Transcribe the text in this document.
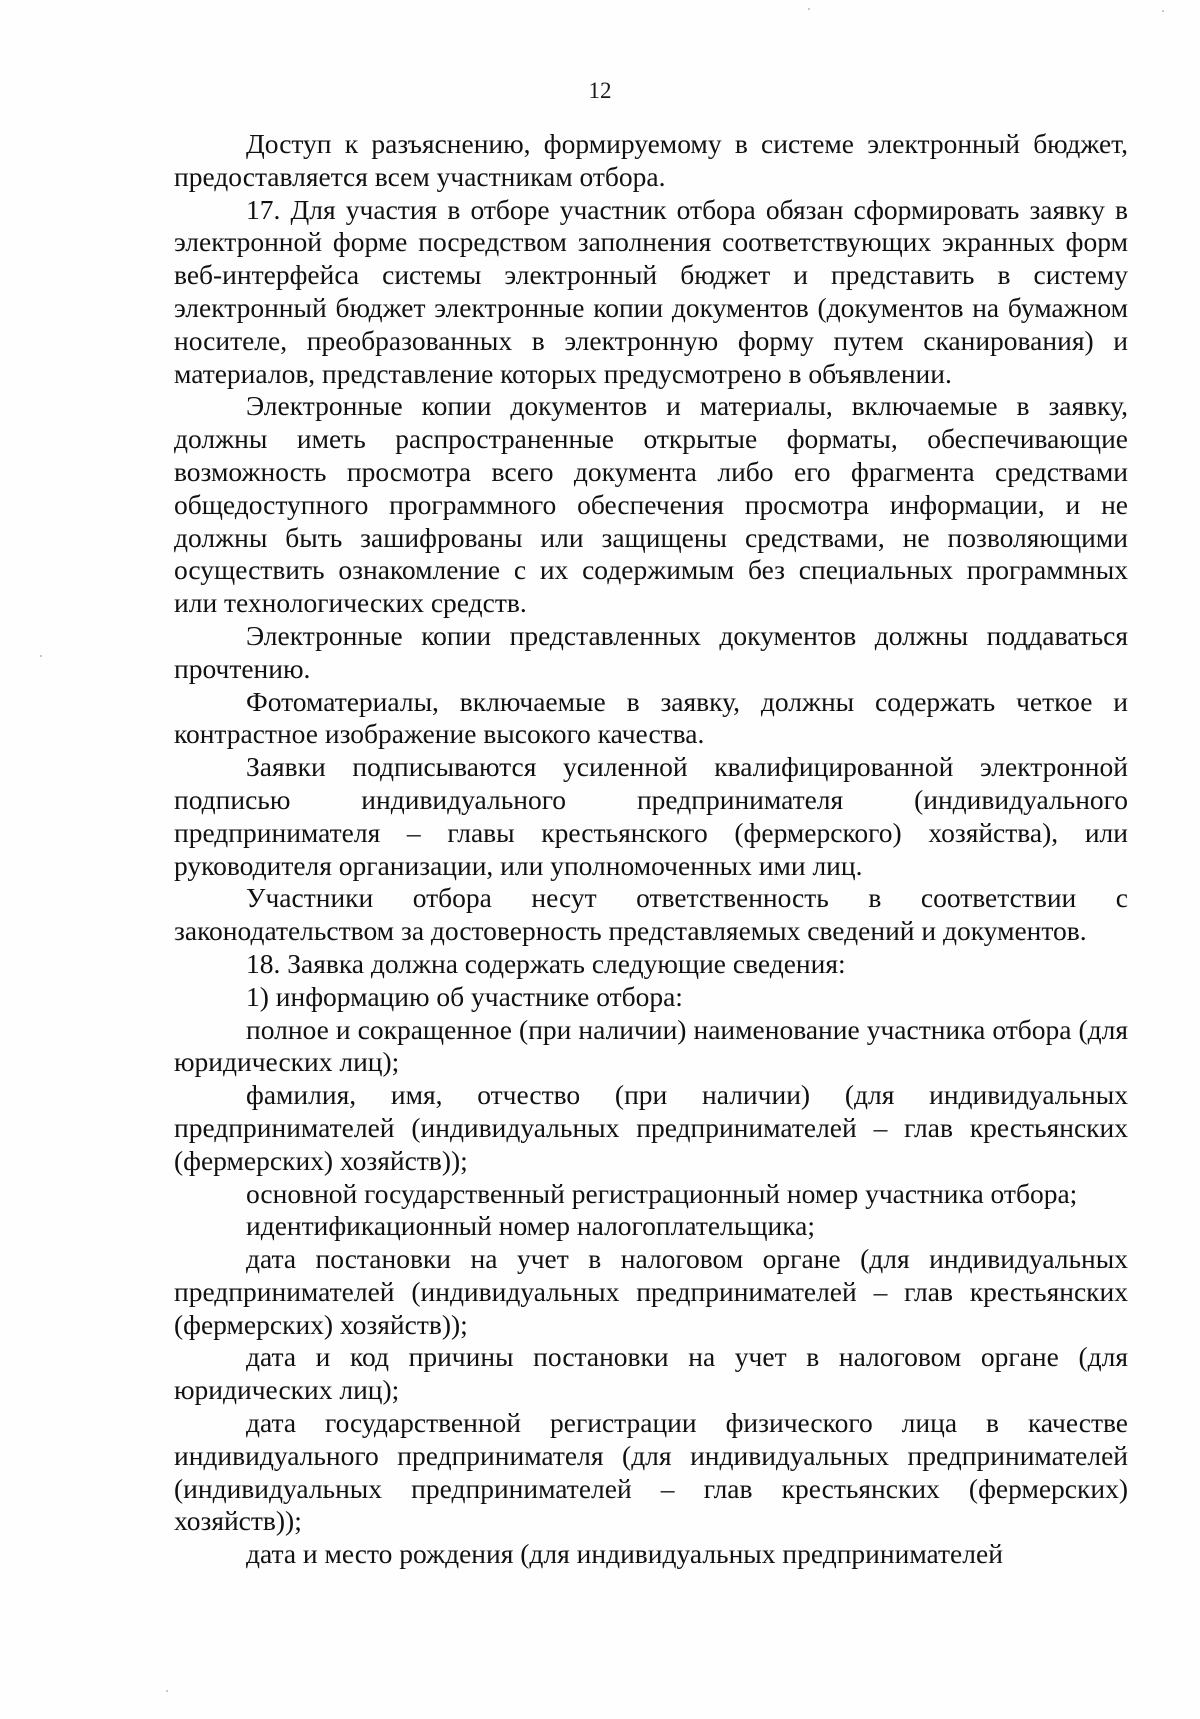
12

Доступ к разъяснению, формируемому в системе электронный бюджет, предоставляется всем участникам отбора.

17. Для участия в отборе участник отбора обязан сформировать заявку в электронной форме посредством заполнения соответствующих экранных форм веб-интерфейса системы электронный бюджет и представить в систему электронный бюджет электронные копии документов (документов на бумажном носителе, преобразованных в электронную форму путем сканирования) и материалов, представление которых предусмотрено в объявлении.

Электронные копии документов и материалы, включаемые в заявку, должны иметь распространенные открытые форматы, обеспечивающие возможность просмотра всего документа либо его фрагмента средствами общедоступного программного обеспечения просмотра информации, и не должны быть зашифрованы или защищены средствами, не позволяющими осуществить ознакомление с их содержимым без специальных программных или технологических средств.

Электронные копии представленных документов должны поддаваться прочтению.

Фотоматериалы, включаемые в заявку, должны содержать четкое и контрастное изображение высокого качества.

Заявки подписываются усиленной квалифицированной электронной подписью индивидуального предпринимателя (индивидуального предпринимателя – главы крестьянского (фермерского) хозяйства), или руководителя организации, или уполномоченных ими лиц.

Участники отбора несут ответственность в соответствии с законодательством за достоверность представляемых сведений и документов.

18. Заявка должна содержать следующие сведения:

1) информацию об участнике отбора:

полное и сокращенное (при наличии) наименование участника отбора (для юридических лиц);

фамилия, имя, отчество (при наличии) (для индивидуальных предпринимателей (индивидуальных предпринимателей – глав крестьянских (фермерских) хозяйств));

основной государственный регистрационный номер участника отбора;

идентификационный номер налогоплательщика;

дата постановки на учет в налоговом органе (для индивидуальных предпринимателей (индивидуальных предпринимателей – глав крестьянских (фермерских) хозяйств));

дата и код причины постановки на учет в налоговом органе (для юридических лиц);

дата государственной регистрации физического лица в качестве индивидуального предпринимателя (для индивидуальных предпринимателей (индивидуальных предпринимателей – глав крестьянских (фермерских) хозяйств));

дата и место рождения (для индивидуальных предпринимателей
